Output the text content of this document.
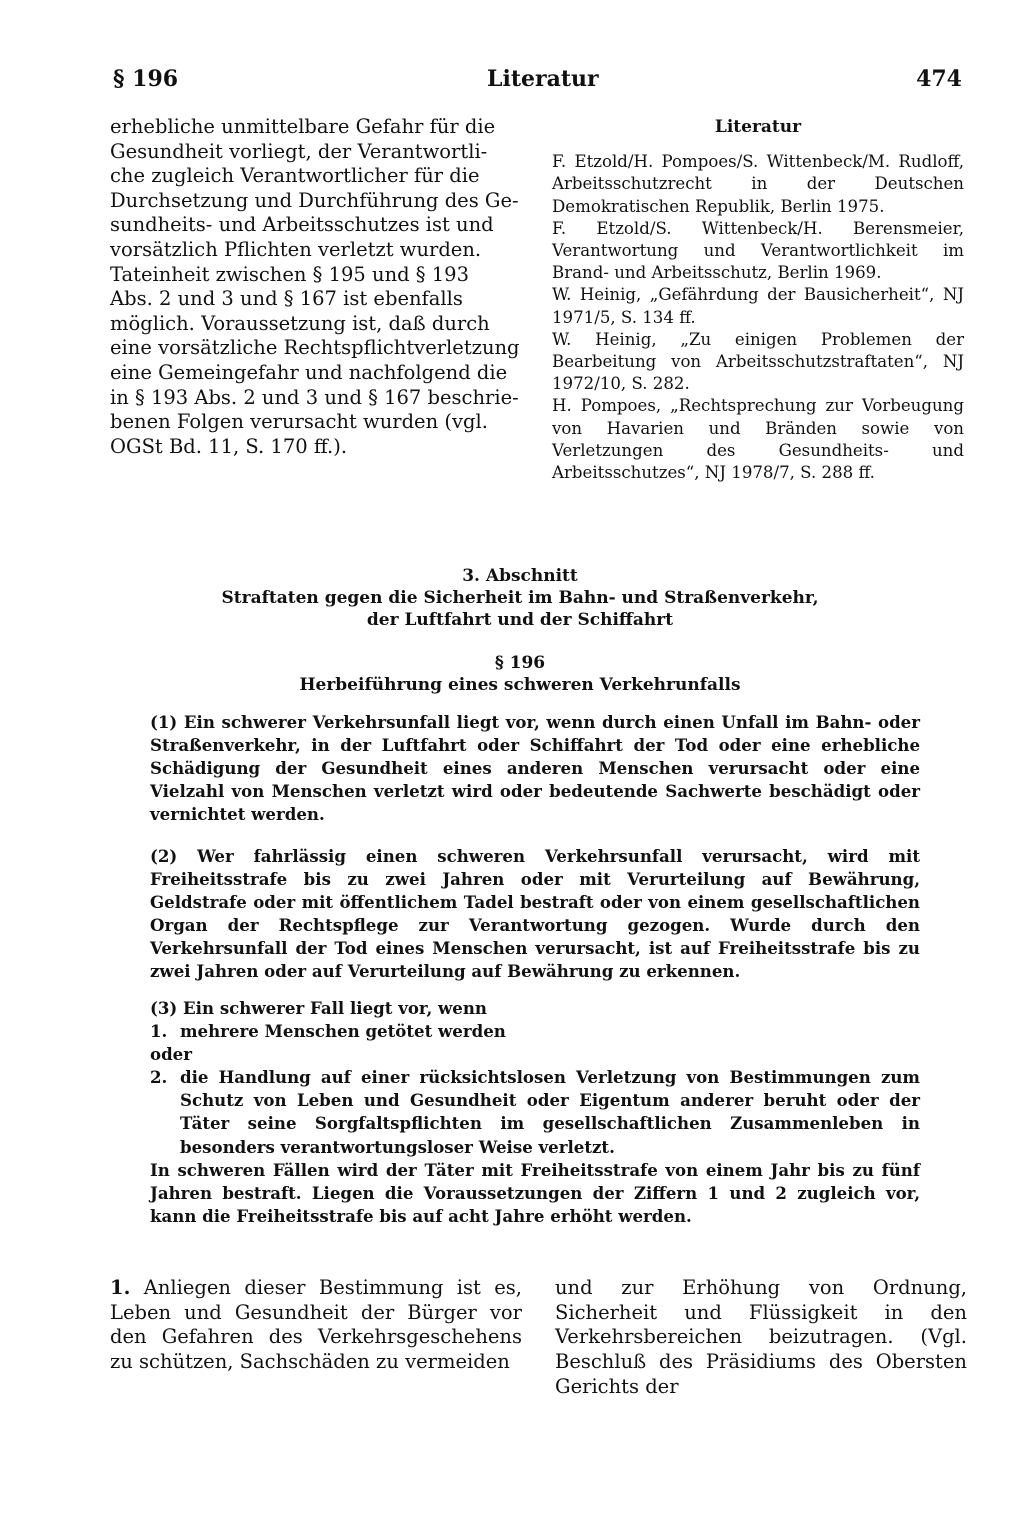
§ 196	Literatur	474
erhebliche unmittelbare Gefahr für die
Gesundheit vorliegt, der Verantwortli-
che zugleich Verantwortlicher für die
Durchsetzung und Durchführung des Ge-
sundheits- und Arbeitsschutzes ist und
vorsätzlich Pflichten verletzt wurden.
Tateinheit zwischen § 195 und § 193
Abs. 2 und 3 und § 167 ist ebenfalls
möglich. Voraussetzung ist, daß durch
eine vorsätzliche Rechtspflichtverletzung
eine Gemeingefahr und nachfolgend die
in § 193 Abs. 2 und 3 und § 167 beschrie-
benen Folgen verursacht wurden (vgl.
OGSt Bd. 11, S. 170 ff.).
Literatur
F. Etzold/H. Pompoes/S. Wittenbeck/M. Rudloff, Arbeitsschutzrecht in der Deutschen Demokratischen Republik, Berlin 1975.
F. Etzold/S. Wittenbeck/H. Berensmeier, Verantwortung und Verantwortlichkeit im Brand- und Arbeitsschutz, Berlin 1969.
W. Heinig, „Gefährdung der Bausicherheit“, NJ 1971/5, S. 134 ff.
W. Heinig, „Zu einigen Problemen der Bearbeitung von Arbeitsschutzstraftaten“, NJ 1972/10, S. 282.
H. Pompoes, „Rechtsprechung zur Vorbeugung von Havarien und Bränden sowie von Verletzungen des Gesundheits- und Arbeitsschutzes“, NJ 1978/7, S. 288 ff.
3. Abschnitt
Straftaten gegen die Sicherheit im Bahn- und Straßenverkehr,
der Luftfahrt und der Schiffahrt
§ 196
Herbeiführung eines schweren Verkehrunfalls
(1) Ein schwerer Verkehrsunfall liegt vor, wenn durch einen Unfall im Bahn- oder Straßenverkehr, in der Luftfahrt oder Schiffahrt der Tod oder eine erhebliche Schädigung der Gesundheit eines anderen Menschen verursacht oder eine Vielzahl von Menschen verletzt wird oder bedeutende Sachwerte beschädigt oder vernichtet werden.
(2) Wer fahrlässig einen schweren Verkehrsunfall verursacht, wird mit Freiheitsstrafe bis zu zwei Jahren oder mit Verurteilung auf Bewährung, Geldstrafe oder mit öffentlichem Tadel bestraft oder von einem gesellschaftlichen Organ der Rechtspflege zur Verantwortung gezogen. Wurde durch den Verkehrsunfall der Tod eines Menschen verursacht, ist auf Freiheitsstrafe bis zu zwei Jahren oder auf Verurteilung auf Bewährung zu erkennen.
(3) Ein schwerer Fall liegt vor, wenn
1. mehrere Menschen getötet werden
oder
2. die Handlung auf einer rücksichtslosen Verletzung von Bestimmungen zum Schutz von Leben und Gesundheit oder Eigentum anderer beruht oder der Täter seine Sorgfaltspflichten im gesellschaftlichen Zusammenleben in besonders verantwortungsloser Weise verletzt.
In schweren Fällen wird der Täter mit Freiheitsstrafe von einem Jahr bis zu fünf Jahren bestraft. Liegen die Voraussetzungen der Ziffern 1 und 2 zugleich vor, kann die Freiheitsstrafe bis auf acht Jahre erhöht werden.
1. Anliegen dieser Bestimmung ist es, Leben und Gesundheit der Bürger vor den Gefahren des Verkehrsgeschehens zu schützen, Sachschäden zu vermeiden
und zur Erhöhung von Ordnung, Sicherheit und Flüssigkeit in den Verkehrsbereichen beizutragen. (Vgl. Beschluß des Präsidiums des Obersten Gerichts der
